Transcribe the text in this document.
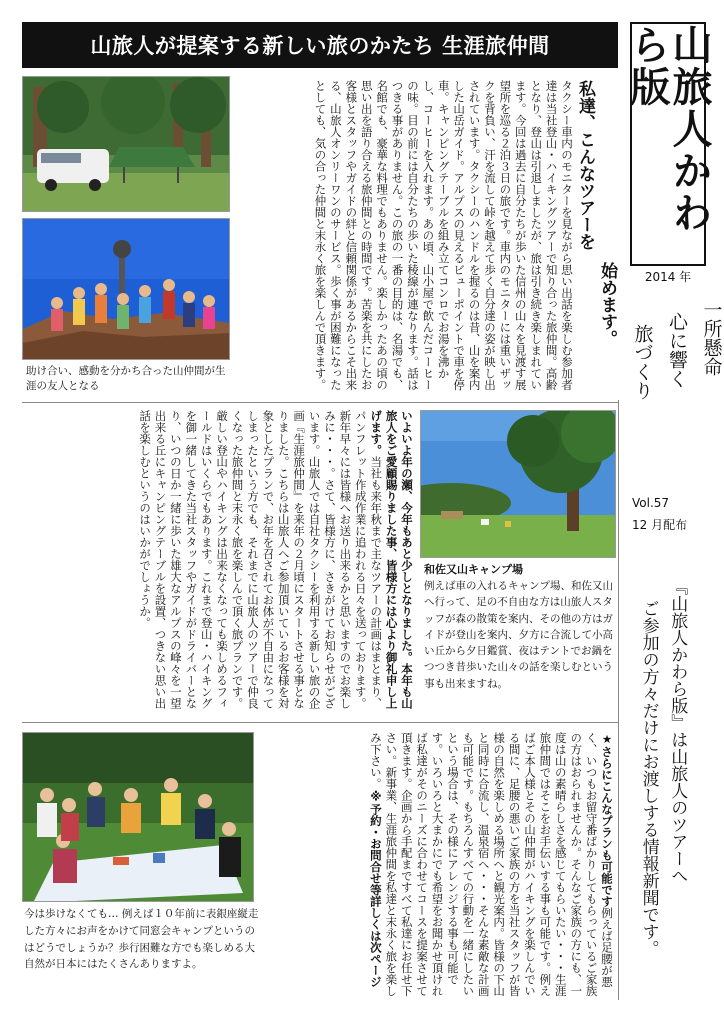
山旅人が提案する新しい旅のかたち 生涯旅仲間	山旅人かわら版
2014 年
一所懸命
心に響く
旅づくり
Vol.57
12 月配布
『山旅人かわら版』は山旅人のツアーへ
ご参加の方々だけにお渡しする情報新聞です。
私達、こんなツアーを
始めます。
タクシー車内のモニターを見ながら思い出話を楽しむ参加者達は当社登山・ハイキングツアーで知り合った旅仲間。高齢となり、登山は引退しましたが、旅は引き続き楽しまれています。今回は過去に自分たちが歩いた信州の山々を見渡す展望所を巡る２泊３日の旅です。車内のモニターには重いザックを背負い、汗を流して峠を越えて歩く自分達の姿が映し出されています。タクシーのハンドルを握るのは昔、山を案内した山岳ガイド。アルプスの見えるビューポイントで車を停車。キャンピングテーブルを組み立てコンロでお湯を沸かし、コーヒーを入れます。あの頃、山小屋で飲んだコーヒーの味。目の前には自分たちの歩いた稜線が連なります。話はつきる事がありません。この旅の一番の目的は、名湯でも、名館でも、豪華な料理でもありません。楽しかったあの頃の思い出を語り合える旅仲間との時間です。苦楽を共にしたお客様とスタッフやガイドの絆と信頼関係があるからこそ出来る、山旅人オンリーワンのサービス。歩く事が困難になったとしても、気の合った仲間と末永く旅を楽しんで頂きます。
助け合い、感動を分かち合った山仲間が生涯の友人となる
いよいよ年の瀬、今年もあと少しとなりました。本年も山旅人をご愛顧賜りました事、皆様方には心より御礼申し上げます。当社も来年秋まで主なツアーの計画はまとまり、パンフレット作成作業に追われる日々を送っております。新年早々には皆様へお送り出来るかと思いますのでお楽しみに・・・。さて、皆様方に、さきがけてお知らせがございます。山旅人では自社タクシーを利用する新しい旅の企画『生涯旅仲間』を来年の２月頃にスタートさせる事となりました。こちらは山旅人へご参加頂いているお客様を対象としたプランで、お年を召されてお体が不自由になってしまったという方でも、それまでに山旅人のツアーで仲良くなった旅仲間と末永く旅を楽しんで頂く旅プランです。厳しい登山やハイキングは出来なくなっても楽しめるフィールドはいくらでもあります。これまで登山・ハイキングを御一緒してきた当社スタッフやガイドがドライバーとなり、いつの日か一緒に歩いた雄大なアルプスの峰々を一望出来る丘にキャンピングテーブルを設置、つきない思い出話を楽しむというのはいかがでしょうか。	和佐又山キャンプ場
例えば車の入れるキャンプ場、和佐又山へ行って、足の不自由な方は山旅人スタッフが森の散策を案内、その他の方はガイドが登山を案内、夕方に合流して小高い丘から夕日鑑賞、夜はテントでお鍋をつつき昔歩いた山々の話を楽しむという事も出来ますね。
今は歩けなくても… 例えば１０年前に表銀座縦走した方々にお声をかけて同窓会キャンプというのはどうでしょうか？歩行困難な方でも楽しめる大自然が日本にはたくさんありますよ。
★さらにこんなプランも可能です例えば足腰が悪く、いつもお留守番ばかりしてもらっているご家族の方はおられませんか。そんなご家族の方にも、一度は山の素晴らしさを感じてもらいたい・・・生涯旅仲間ではそこをお手伝いする事も可能です。例えばご本人様とその山仲間がハイキングを楽しんでいる間に、足腰の悪いご家族の方を当社スタッフが皆様の自然を楽しめる場所へと観光案内。皆様の下山と同時に合流し、温泉宿へ・・・そんな素敵な計画も可能です。もちろんすべての行動を一緒にしたいという場合は、その様にアレンジする事も可能です。いろいろと大まかにでも希望をお聞かせ頂ければ私達がそのニーズに合わせてコースを提案させて頂きます。企画から手配まですべて私達にお任せ下さい。新事業、生涯旅仲間を私達と末永く旅を楽しみ下さい。※予約・お問合せ等詳しくは次ページ
